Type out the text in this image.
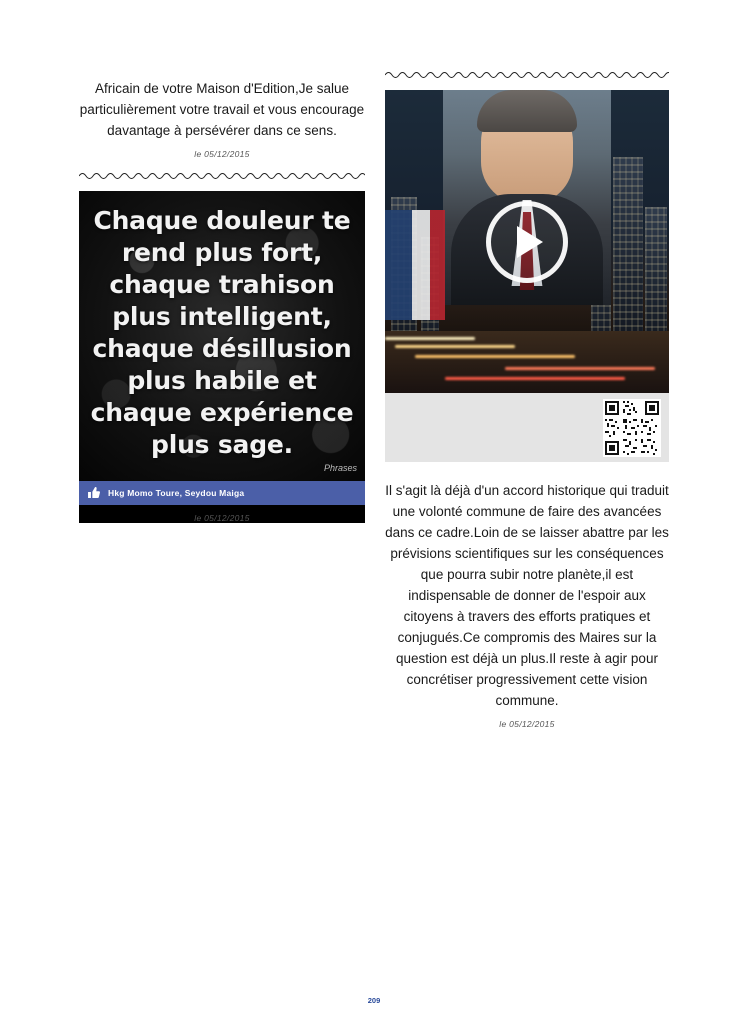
Africain de votre Maison d'Edition,Je salue particulièrement votre travail et vous encourage davantage à persévérer dans ce sens.
le 05/12/2015
Chaque douleur te rend plus fort, chaque trahison plus intelligent, chaque désillusion plus habile et chaque expérience plus sage.
Phrases
Hkg Momo Toure, Seydou Maiga
le 05/12/2015
Il s'agit là déjà d'un accord historique qui traduit une volonté commune de faire des avancées dans ce cadre.Loin de se laisser abattre par les prévisions scientifiques sur les conséquences que pourra subir notre planète,il est indispensable de donner de l'espoir aux citoyens à travers des efforts pratiques et conjugués.Ce compromis des Maires sur la question est déjà un plus.Il reste à agir pour concrétiser progressivement cette vision commune.
le 05/12/2015
209
